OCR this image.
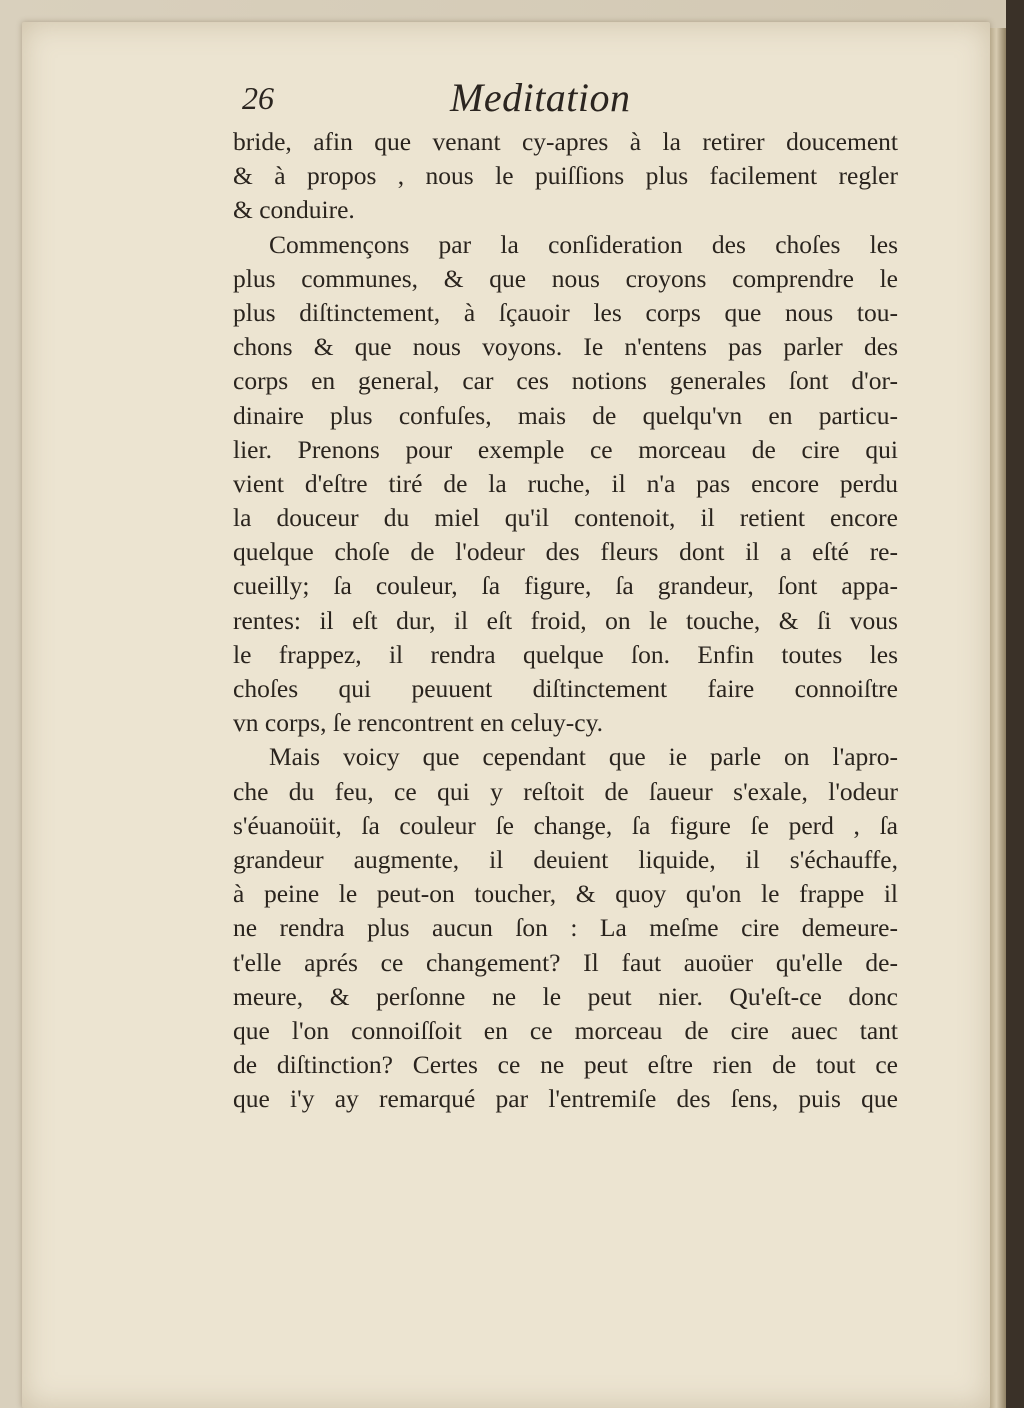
26	Meditation
bride, afin que venant cy-apres à la retirer doucement
& à propos , nous le puiſſions plus facilement regler
& conduire.
Commençons par la conſideration des choſes les
plus communes, & que nous croyons comprendre le
plus diſtinctement, à ſçauoir les corps que nous tou-
chons & que nous voyons. Ie n'entens pas parler des
corps en general, car ces notions generales ſont d'or-
dinaire plus confuſes, mais de quelqu'vn en particu-
lier. Prenons pour exemple ce morceau de cire qui
vient d'eſtre tiré de la ruche, il n'a pas encore perdu
la douceur du miel qu'il contenoit, il retient encore
quelque choſe de l'odeur des fleurs dont il a eſté re-
cueilly; ſa couleur, ſa figure, ſa grandeur, ſont appa-
rentes: il eſt dur, il eſt froid, on le touche, & ſi vous
le frappez, il rendra quelque ſon. Enfin toutes les
choſes qui peuuent diſtinctement faire connoiſtre
vn corps, ſe rencontrent en celuy-cy.
Mais voicy que cependant que ie parle on l'apro-
che du feu, ce qui y reſtoit de ſaueur s'exale, l'odeur
s'éuanoüit, ſa couleur ſe change, ſa figure ſe perd , ſa
grandeur augmente, il deuient liquide, il s'échauffe,
à peine le peut-on toucher, & quoy qu'on le frappe il
ne rendra plus aucun ſon : La meſme cire demeure-
t'elle aprés ce changement? Il faut auoüer qu'elle de-
meure, & perſonne ne le peut nier. Qu'eſt-ce donc
que l'on connoiſſoit en ce morceau de cire auec tant
de diſtinction? Certes ce ne peut eſtre rien de tout ce
que i'y ay remarqué par l'entremiſe des ſens, puis que
